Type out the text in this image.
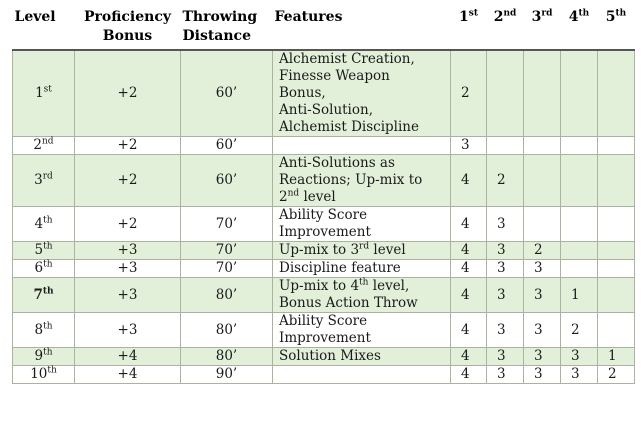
Level	Proficiency Bonus	Throwing Distance	Features	1st	2nd	3rd	4th	5th
1st	+2	60’	Alchemist Creation,
Finesse Weapon
Bonus,
Anti-Solution,
Alchemist Discipline	2				
2nd	+2	60’		3				
3rd	+2	60’	Anti-Solutions as
Reactions; Up-mix to
2nd level	4	2			
4th	+2	70’	Ability Score
Improvement	4	3			
5th	+3	70’	Up-mix to 3rd level	4	3	2		
6th	+3	70’	Discipline feature	4	3	3		
7th	+3	80’	Up-mix to 4th level,
Bonus Action Throw	4	3	3	1	
8th	+3	80’	Ability Score
Improvement	4	3	3	2	
9th	+4	80’	Solution Mixes	4	3	3	3	1
10th	+4	90’		4	3	3	3	2
